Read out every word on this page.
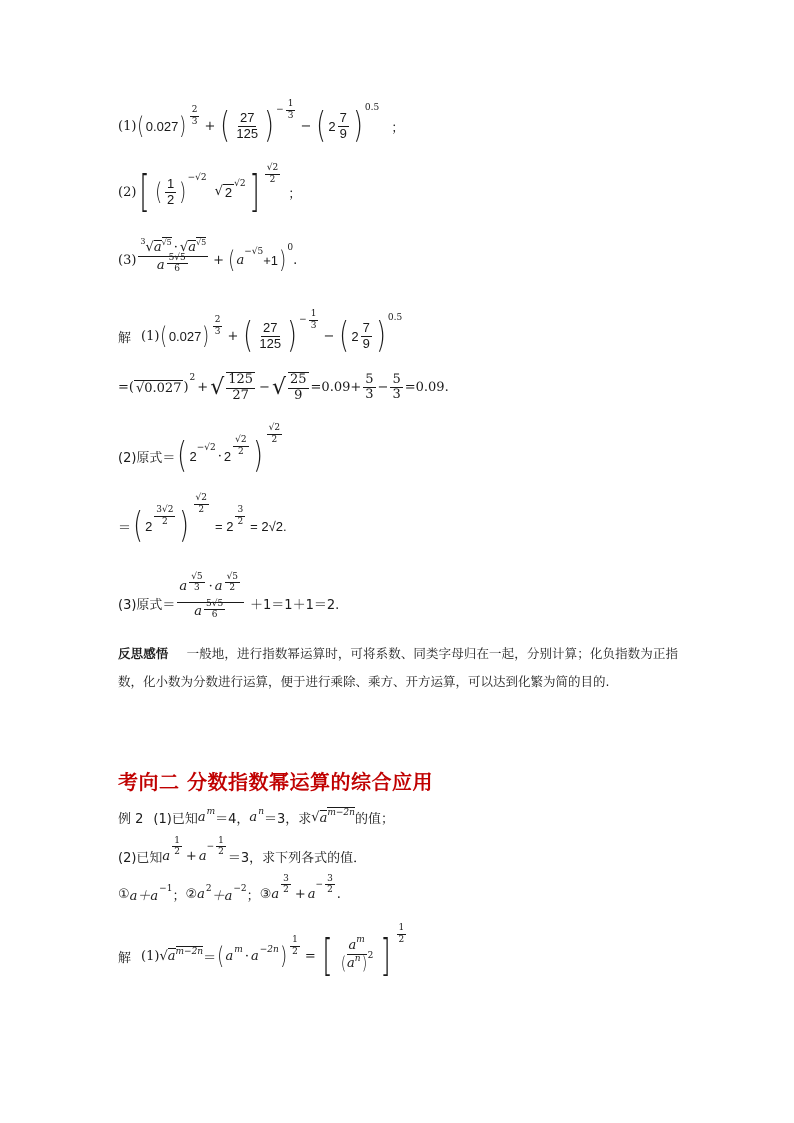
(1) ( 0.027 ) $\frac{2}{3}$ + ( $\frac{27}{125}$ ) − $\frac{1}{3}$
− ( $2 \frac{7}{9}$ ) 0.5
；
(2) [ ( $\frac{1}{2}$ ) −√2
√ 2
√2 ] $\frac{√2}{2}$
；
$(3) \frac{3 √ a √5 \cdot √ a √5}{a \frac{5√5}{6}}$ + ( a
−√5
+1 ) 0
.
解 (1) ( 0.027 ) $\frac{2}{3}$ + ( $\frac{27}{125}$ ) − $\frac{1}{3}$
− ( $2 \frac{7}{9}$ ) 0.5
=( √0.027 )
2
+ √ $\frac{125}{27}$ − √ $\frac{25}{9} =0.09+ \frac{5}{3} - \frac{5}{3} =0.09$.
(2)原式＝ ( 2
−√2
· $2 \frac{√2}{2}$ )
$\frac{√2}{2}$
＝ ( $2 \frac{3√2}{2}$ )
$\frac{√2}{2}$
= $2 \frac{3}{2} = 2√2$.
(3)原式＝ $\frac{a \frac{√5}{3} \cdot a \frac{√5}{2}}{a \frac{5√5}{6}} +1=1+1=2$.
反思感悟 一般地，进行指数幂运算时，可将系数、同类字母归在一起，分别计算；化负指数为正指数，化小数为分数进行运算，便于进行乘除、乘方、开方运算，可以达到化繁为简的目的.
考向二 分数指数幂运算的综合应用
例 2 (1)已知 a m
＝4， a n
＝3，求 √ a m−2n 的值；
(2)已知 a $\frac{1}{2} + a$
− $\frac{1}{2}$
＝3，求下列各式的值．
① a＋a
−1
； ② a 2
＋a
−2
； ③ a $\frac{3}{2} + a$
− $\frac{3}{2}$ .
解 (1) √ a m−2n ＝ ( a m · a −2n ) $\frac{1}{2}$ = [ $\frac{\text{a m}}{\text{( a n ) 2}}$ ] $\frac{1}{2}$
